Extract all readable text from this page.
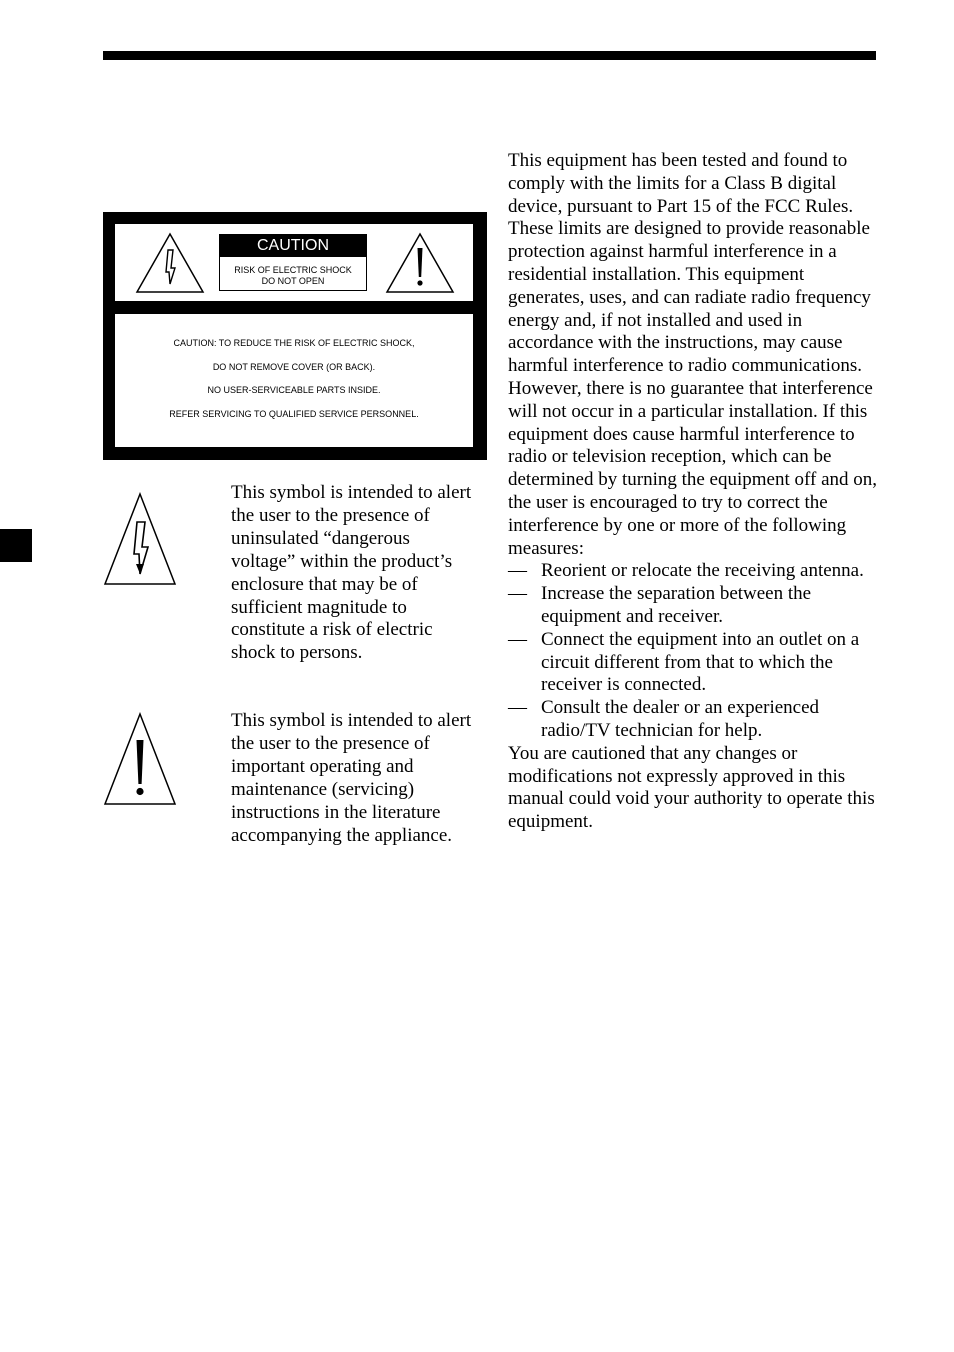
CAUTION
RISK OF ELECTRIC SHOCK
DO NOT OPEN
CAUTION: TO REDUCE THE RISK OF ELECTRIC SHOCK,
DO NOT REMOVE COVER (OR BACK).
NO USER-SERVICEABLE PARTS INSIDE.
REFER SERVICING TO QUALIFIED SERVICE PERSONNEL.

This symbol is intended to alert the user to the presence of uninsulated “dangerous voltage” within the product’s enclosure that may be of sufficient magnitude to constitute a risk of electric shock to persons.

This symbol is intended to alert the user to the presence of important operating and maintenance (servicing) instructions in the literature accompanying the appliance.

This equipment has been tested and found to comply with the limits for a Class B digital device, pursuant to Part 15 of the FCC Rules. These limits are designed to provide reasonable protection against harmful interference in a residential installation. This equipment generates, uses, and can radiate radio frequency energy and, if not installed and used in accordance with the instructions, may cause harmful interference to radio communications. However, there is no guarantee that interference will not occur in a particular installation. If this equipment does cause harmful interference to radio or television reception, which can be determined by turning the equipment off and on, the user is encouraged to try to correct the interference by one or more of the following measures:

— Reorient or relocate the receiving antenna.
— Increase the separation between the equipment and receiver.
— Connect the equipment into an outlet on a circuit different from that to which the receiver is connected.
— Consult the dealer or an experienced radio/TV technician for help.

You are cautioned that any changes or modifications not expressly approved in this manual could void your authority to operate this equipment.
